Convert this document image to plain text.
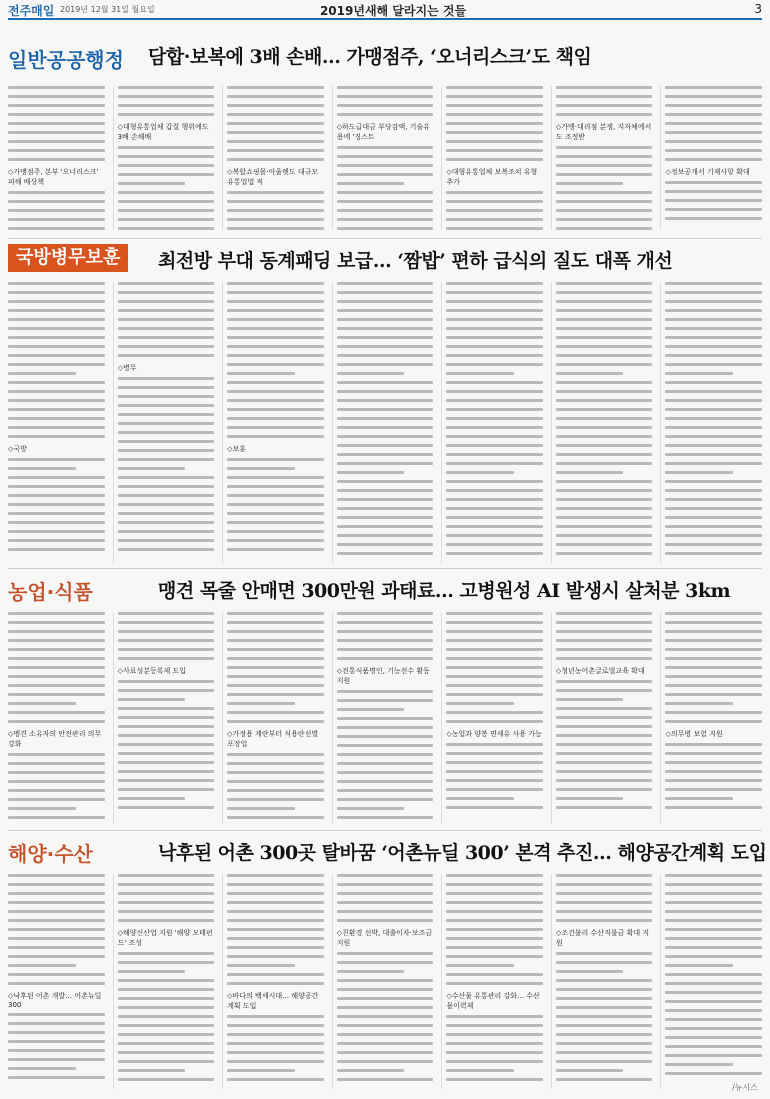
전주매일 2019년 12월 31일 월요일	2019년새해 달라지는 것들	3
일반공공행정 담합·보복에 3배 손배… 가맹점주, ‘오너리스크’도 책임
◇가맹점주, 본부 '오너리스크' 피해 배상책
◇대형유통업체 갑질 행위에도 3배 손해배
◇복합쇼핑몰·아울렛도 대규모유통업법 적
◇하도급대금 부당감액, 기술유용에 '징스트
◇대형유통업체 보복조치 유형 추가
◇가맹·대리점 분쟁, 지자체에서도 조정받
◇정보공개서 기재사항 확대
국방병무보훈	최전방 부대 동계패딩 보급… ‘짬밥’ 편하 급식의 질도 대폭 개선
◇국방
◇병무
◇보훈
농업·식품	맹견 목줄 안매면 300만원 과태료… 고병원성 AI 발생시 살처분 3km
◇맹견 소유자의 안전관리 의무 강화
◇사료성분등록제 도입
◇가정용 계란부터 식용란선별포장업
◇전통식품명인, 기능전수 활동 지원
◇농업과 양봉 면세유 사용 가능
◇청년농어촌글로벌교육 확대
◇의무병 보험 지원
해양·수산	낙후된 어촌 300곳 탈바꿈 ‘어촌뉴딜 300’ 본격 추진… 해양공간계획 도입
◇낙후된 어촌 개발… 어촌뉴딜 300
◇해양신산업 지원 '해양 모태펀드' 조성
◇바다의 백세시대… 해양공간계획 도입
◇친환경 선박, 대출이자·보조금 지원
◇수산물 유통관리 강화… 수산물이력제
◇조건불리 수산직불금 확대 지원
/뉴시스
